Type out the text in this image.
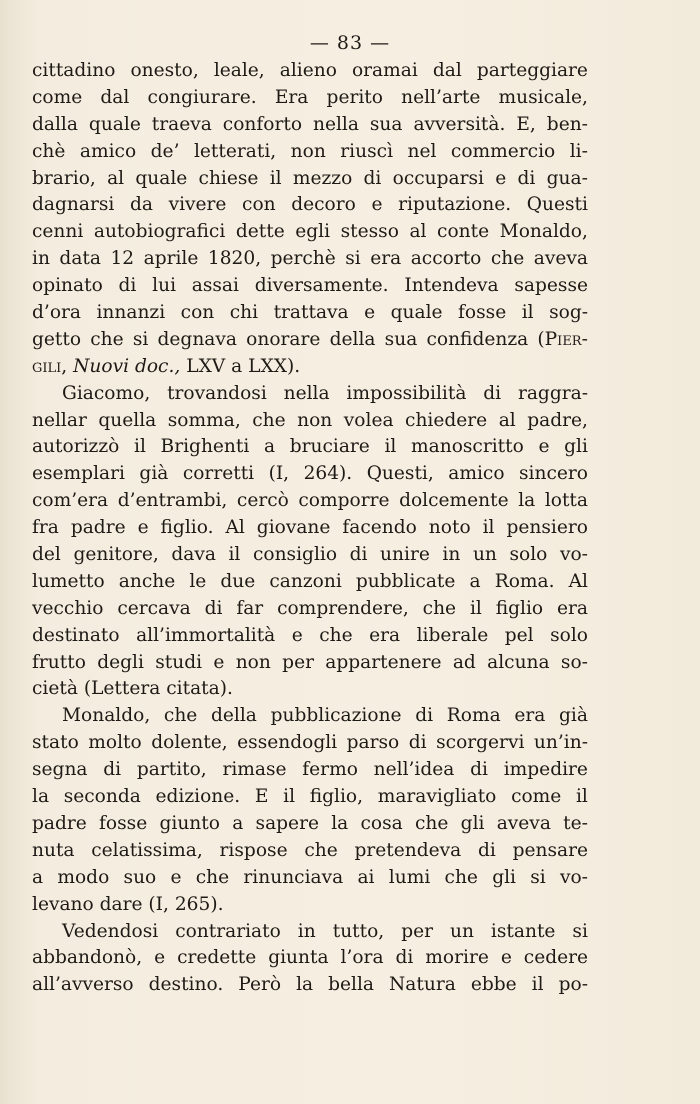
— 83 —
cittadino onesto, leale, alieno oramai dal parteggiare
come dal congiurare. Era perito nell’arte musicale,
dalla quale traeva conforto nella sua avversità. E, ben-
chè amico de’ letterati, non riuscì nel commercio li-
brario, al quale chiese il mezzo di occuparsi e di gua-
dagnarsi da vivere con decoro e riputazione. Questi
cenni autobiografici dette egli stesso al conte Monaldo,
in data 12 aprile 1820, perchè si era accorto che aveva
opinato di lui assai diversamente. Intendeva sapesse
d’ora innanzi con chi trattava e quale fosse il sog-
getto che si degnava onorare della sua confidenza (Pier-
gili, Nuovi doc., LXV a LXX).
Giacomo, trovandosi nella impossibilità di raggra-
nellar quella somma, che non volea chiedere al padre,
autorizzò il Brighenti a bruciare il manoscritto e gli
esemplari già corretti (I, 264). Questi, amico sincero
com’era d’entrambi, cercò comporre dolcemente la lotta
fra padre e figlio. Al giovane facendo noto il pensiero
del genitore, dava il consiglio di unire in un solo vo-
lumetto anche le due canzoni pubblicate a Roma. Al
vecchio cercava di far comprendere, che il figlio era
destinato all’immortalità e che era liberale pel solo
frutto degli studi e non per appartenere ad alcuna so-
cietà (Lettera citata).
Monaldo, che della pubblicazione di Roma era già
stato molto dolente, essendogli parso di scorgervi un’in-
segna di partito, rimase fermo nell’idea di impedire
la seconda edizione. E il figlio, maravigliato come il
padre fosse giunto a sapere la cosa che gli aveva te-
nuta celatissima, rispose che pretendeva di pensare
a modo suo e che rinunciava ai lumi che gli si vo-
levano dare (I, 265).
Vedendosi contrariato in tutto, per un istante si
abbandonò, e credette giunta l’ora di morire e cedere
all’avverso destino. Però la bella Natura ebbe il po-
